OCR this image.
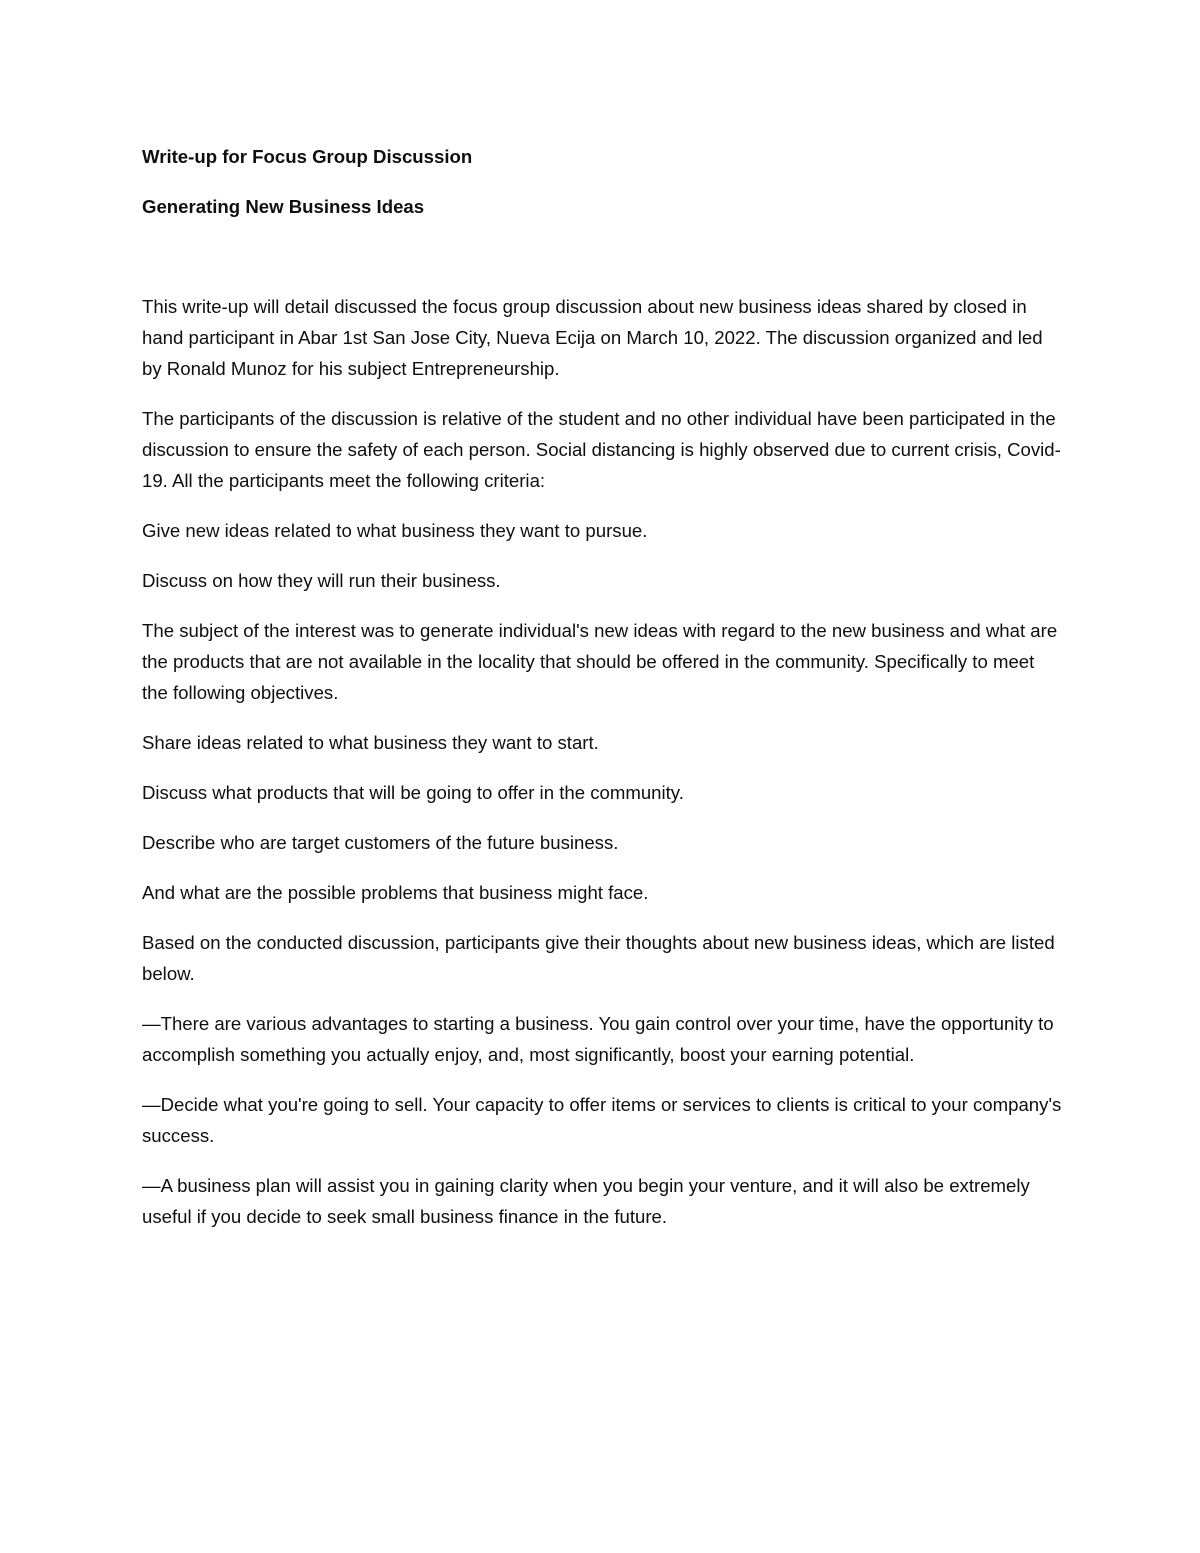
Write-up for Focus Group Discussion

Generating New Business Ideas

This write-up will detail discussed the focus group discussion about new business ideas shared by closed in hand participant in Abar 1st San Jose City, Nueva Ecija on March 10, 2022. The discussion organized and led by Ronald Munoz for his subject Entrepreneurship.

The participants of the discussion is relative of the student and no other individual have been participated in the discussion to ensure the safety of each person. Social distancing is highly observed due to current crisis, Covid-19. All the participants meet the following criteria:

Give new ideas related to what business they want to pursue.

Discuss on how they will run their business.

The subject of the interest was to generate individual's new ideas with regard to the new business and what are the products that are not available in the locality that should be offered in the community. Specifically to meet the following objectives.

Share ideas related to what business they want to start.

Discuss what products that will be going to offer in the community.

Describe who are target customers of the future business.

And what are the possible problems that business might face.

Based on the conducted discussion, participants give their thoughts about new business ideas, which are listed below.

—There are various advantages to starting a business. You gain control over your time, have the opportunity to accomplish something you actually enjoy, and, most significantly, boost your earning potential.

—Decide what you're going to sell. Your capacity to offer items or services to clients is critical to your company's success.

—A business plan will assist you in gaining clarity when you begin your venture, and it will also be extremely useful if you decide to seek small business finance in the future.
